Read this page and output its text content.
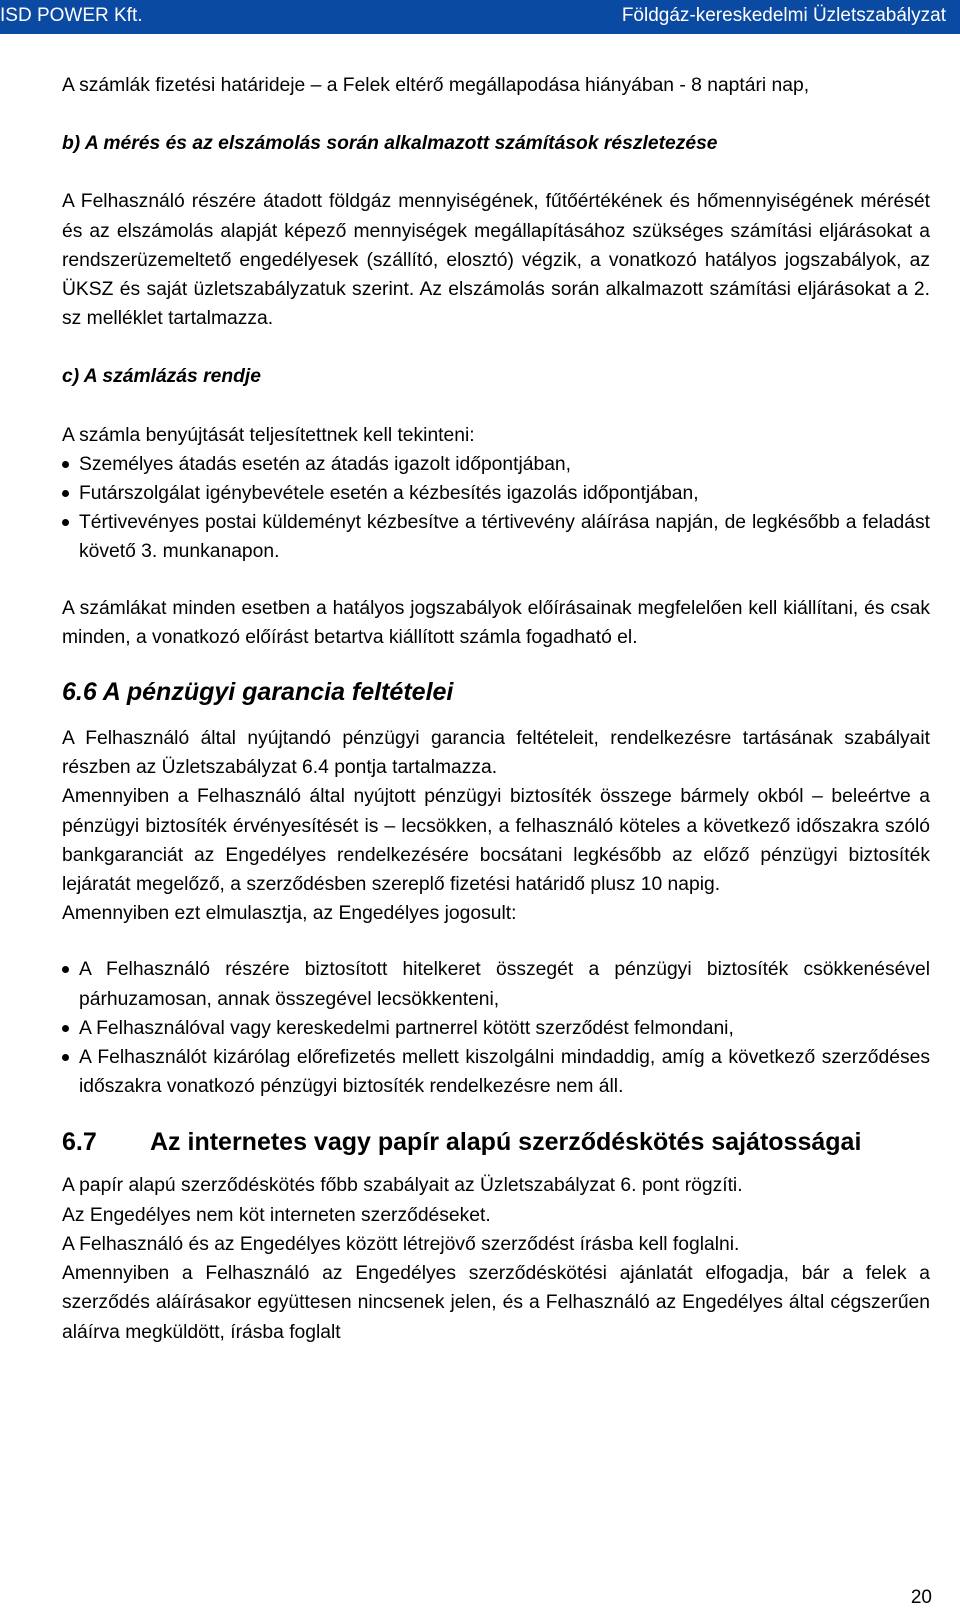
ISD POWER Kft.	Földgáz-kereskedelmi Üzletszabályzat

A számlák fizetési határideje – a Felek eltérő megállapodása hiányában - 8 naptári nap,

b) A mérés és az elszámolás során alkalmazott számítások részletezése

A Felhasználó részére átadott földgáz mennyiségének, fűtőértékének és hőmennyiségének mérését és az elszámolás alapját képező mennyiségek megállapításához szükséges számítási eljárásokat a rendszerüzemeltető engedélyesek (szállító, elosztó) végzik, a vonatkozó hatályos jogszabályok, az ÜKSZ és saját üzletszabályzatuk szerint. Az elszámolás során alkalmazott számítási eljárásokat a 2. sz melléklet tartalmazza.

c) A számlázás rendje

A számla benyújtását teljesítettnek kell tekinteni:

Személyes átadás esetén az átadás igazolt időpontjában,
Futárszolgálat igénybevétele esetén a kézbesítés igazolás időpontjában,
Tértivevényes postai küldeményt kézbesítve a tértivevény aláírása napján, de legkésőbb a feladást követő 3. munkanapon.

A számlákat minden esetben a hatályos jogszabályok előírásainak megfelelően kell kiállítani, és csak minden, a vonatkozó előírást betartva kiállított számla fogadható el.

6.6 A pénzügyi garancia feltételei

A Felhasználó által nyújtandó pénzügyi garancia feltételeit, rendelkezésre tartásának szabályait részben az Üzletszabályzat 6.4 pontja tartalmazza.

Amennyiben a Felhasználó által nyújtott pénzügyi biztosíték összege bármely okból – beleértve a pénzügyi biztosíték érvényesítését is – lecsökken, a felhasználó köteles a következő időszakra szóló bankgaranciát az Engedélyes rendelkezésére bocsátani legkésőbb az előző pénzügyi biztosíték lejáratát megelőző, a szerződésben szereplő fizetési határidő plusz 10 napig.

Amennyiben ezt elmulasztja, az Engedélyes jogosult:

A Felhasználó részére biztosított hitelkeret összegét a pénzügyi biztosíték csökkenésével párhuzamosan, annak összegével lecsökkenteni,
A Felhasználóval vagy kereskedelmi partnerrel kötött szerződést felmondani,
A Felhasználót kizárólag előrefizetés mellett kiszolgálni mindaddig, amíg a következő szerződéses időszakra vonatkozó pénzügyi biztosíték rendelkezésre nem áll.
6.7 Az internetes vagy papír alapú szerződéskötés sajátosságai

A papír alapú szerződéskötés főbb szabályait az Üzletszabályzat 6. pont rögzíti.

Az Engedélyes nem köt interneten szerződéseket.

A Felhasználó és az Engedélyes között létrejövő szerződést írásba kell foglalni.

Amennyiben a Felhasználó az Engedélyes szerződéskötési ajánlatát elfogadja, bár a felek a szerződés aláírásakor együttesen nincsenek jelen, és a Felhasználó az Engedélyes által cégszerűen aláírva megküldött, írásba foglalt

20
